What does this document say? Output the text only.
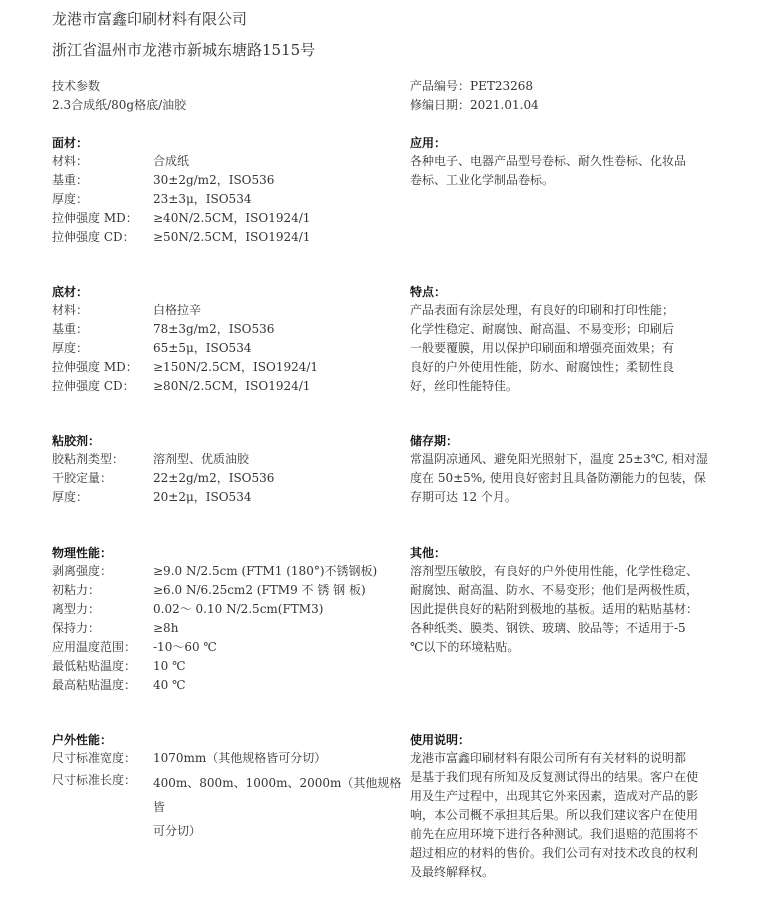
龙港市富鑫印刷材料有限公司
浙江省温州市龙港市新城东塘路1515号
技术参数
2.3合成纸/80g格底/油胶
产品编号：PET23268
修编日期：2021.01.04
面材：
材料：	合成纸
基重：	30±2g/m2，ISO536
厚度：	23±3μ，ISO534
拉伸强度 MD： ≥40N/2.5CM，ISO1924/1
拉伸强度 CD： ≥50N/2.5CM，ISO1924/1
应用：
各种电子、电器产品型号卷标、耐久性卷标、化妆品
卷标、工业化学制品卷标。
底材：
材料：	白格拉辛
基重：	78±3g/m2，ISO536
厚度：	65±5μ，ISO534
拉伸强度 MD： ≥150N/2.5CM，ISO1924/1
拉伸强度 CD： ≥80N/2.5CM，ISO1924/1
特点：
产品表面有涂层处理，有良好的印刷和打印性能；
化学性稳定、耐腐蚀、耐高温、不易变形；印刷后
一般要覆膜，用以保护印刷面和增强亮面效果；有
良好的户外使用性能，防水、耐腐蚀性；柔韧性良
好，丝印性能特佳。
粘胶剂：
胶粘剂类型： 溶剂型、优质油胶
干胶定量：	22±2g/m2，ISO536
厚度：	20±2μ，ISO534
储存期：
常温阴凉通风、避免阳光照射下，温度 25±3℃, 相对湿
度在 50±5%, 使用良好密封且具备防潮能力的包装，保
存期可达 12 个月。
物理性能：
剥离强度：	≥9.0 N/2.5cm (FTM1 (180°)不锈钢板)
初粘力：	≥6.0 N/6.25cm2 (FTM9 不 锈 钢 板)
离型力：	0.02～ 0.10 N/2.5cm(FTM3)
保持力：	≥8h
应用温度范围： -10～60 ℃
最低粘贴温度： 10 ℃
最高粘贴温度： 40 ℃
其他：
溶剂型压敏胶，有良好的户外使用性能，化学性稳定、
耐腐蚀、耐高温、防水、不易变形；他们是两极性质，
因此提供良好的粘附到极地的基板。适用的粘贴基材：
各种纸类、膜类、钢铁、玻璃、胶品等；不适用于-5
℃以下的环境粘贴。
户外性能：
尺寸标准宽度： 1070mm（其他规格皆可分切）
尺寸标准长度： 400m、800m、1000m、2000m（其他规格皆
可分切）
使用说明：
龙港市富鑫印刷材料有限公司所有有关材料的说明都
是基于我们现有所知及反复测试得出的结果。客户在使
用及生产过程中，出现其它外来因素，造成对产品的影
响，本公司概不承担其后果。所以我们建议客户在使用
前先在应用环境下进行各种测试。我们退赔的范围将不
超过相应的材料的售价。我们公司有对技术改良的权利
及最终解释权。
